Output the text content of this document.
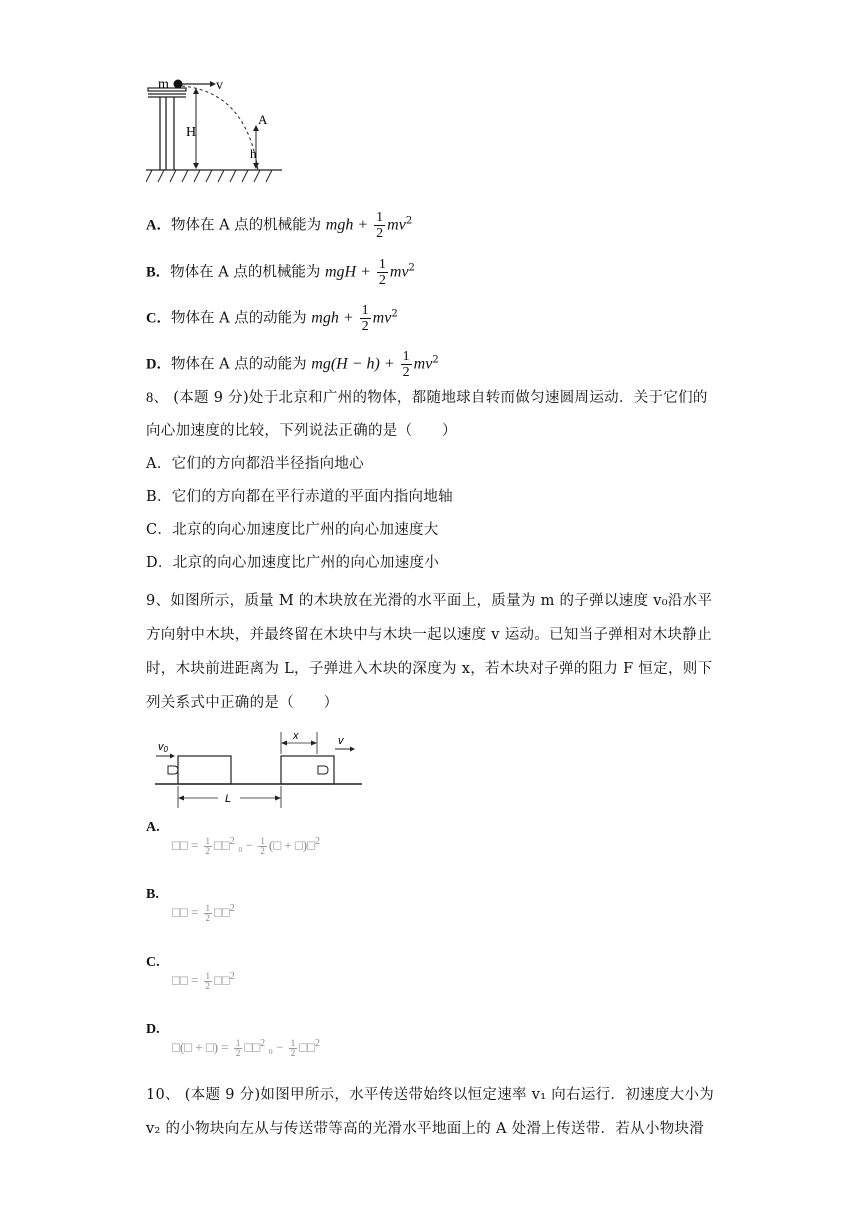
m	v
H
A
h
A．物体在 A 点的机械能为 mgh + $\frac{1}{2} mv^2$
B．物体在 A 点的机械能为 mgH + $\frac{1}{2} mv^2$
C．物体在 A 点的动能为 mgh + $\frac{1}{2} mv^2$
D．物体在 A 点的动能为 $mg(H - h) + \frac{1}{2} mv^2$
8、 (本题 9 分)处于北京和广州的物体，都随地球自转而做匀速圆周运动．关于它们的
向心加速度的比较，下列说法正确的是（　　）
A．它们的方向都沿半径指向地心
B．它们的方向都在平行赤道的平面内指向地轴
C．北京的向心加速度比广州的向心加速度大
D．北京的向心加速度比广州的向心加速度小
9、如图所示，质量 M 的木块放在光滑的水平面上，质量为 m 的子弹以速度 v₀沿水平
方向射中木块，并最终留在木块中与木块一起以速度 v 运动。已知当子弹相对木块静止
时，木块前进距离为 L，子弹进入木块的深度为 x，若木块对子弹的阻力 F 恒定，则下
列关系式中正确的是（　　）
v0
x	v
L
A.
□□ = $\frac{1}{2}$ □□$^2$ $_0 - \frac{1}{2}$ (□ + □)□$^2$
B.
□□ = $\frac{1}{2}$ □□$^2$
C.
□□ = $\frac{1}{2}$ □□$^2$
D.
□(□ + □) = $\frac{1}{2}$ □□$^2$ $_0 - \frac{1}{2}$ □□$^2$
10、 (本题 9 分)如图甲所示，水平传送带始终以恒定速率 v₁ 向右运行．初速度大小为
v₂ 的小物块向左从与传送带等高的光滑水平地面上的 A 处滑上传送带．若从小物块滑
